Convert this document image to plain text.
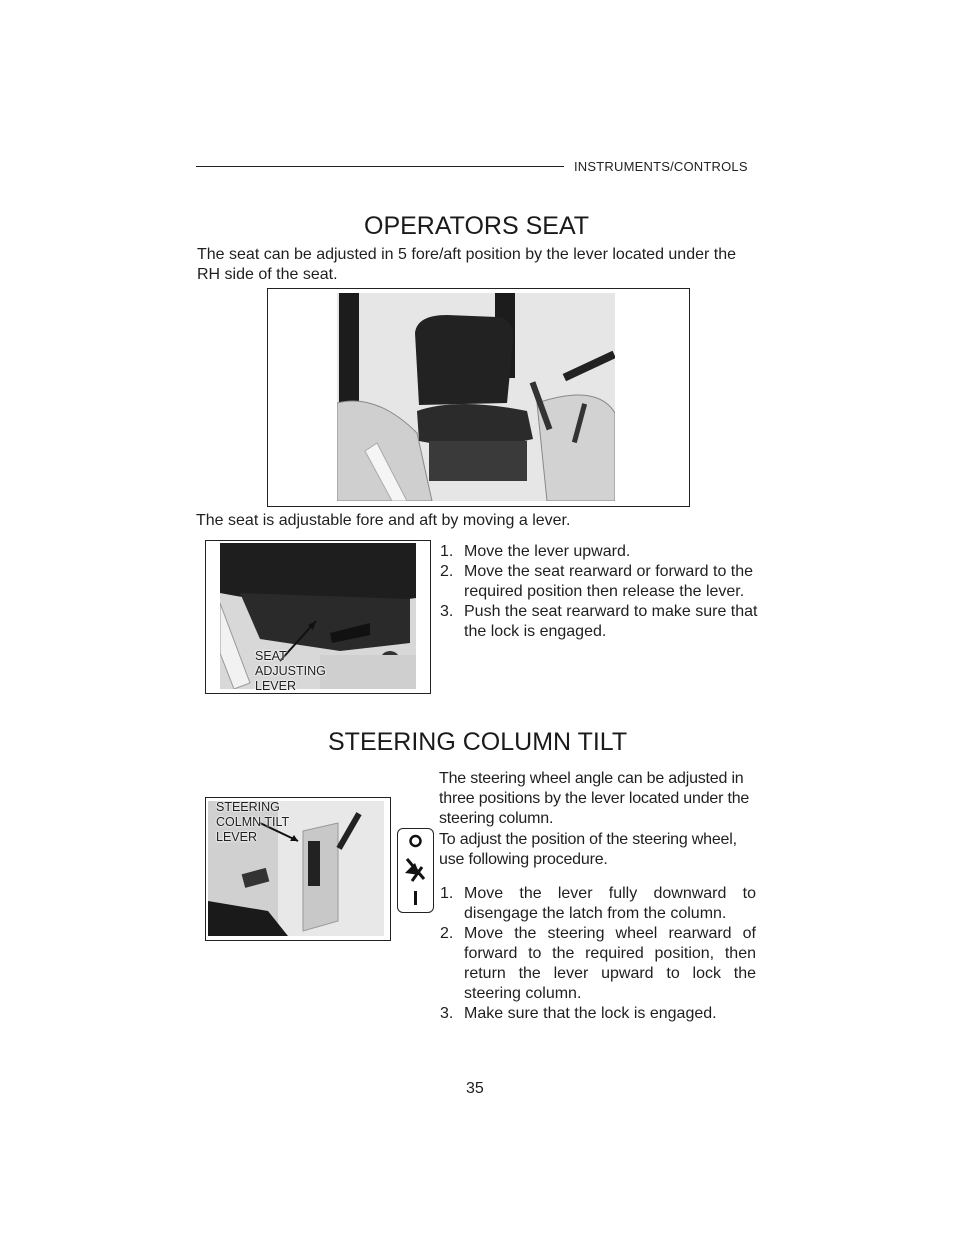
INSTRUMENTS/CONTROLS
OPERATORS SEAT
The seat can be adjusted in 5 fore/aft position by the lever located under the RH side of the seat.
The seat is adjustable fore and aft by moving a lever.
SEAT
ADJUSTING
LEVER
1. Move the lever upward.
2. Move the seat rearward or forward to the required position then release the lever.
3. Push the seat rearward to make sure that the lock is engaged.
STEERING COLUMN TILT
STEERING
COLMN TILT
LEVER
The steering wheel angle can be adjusted in three positions by the lever located under the steering column.
To adjust the position of the steering wheel, use following procedure.
1. Move the lever fully downward to disengage the latch from the column.
2. Move the steering wheel rearward of forward to the required position, then return the lever upward to lock the steering column.
3. Make sure that the lock is engaged.
35
